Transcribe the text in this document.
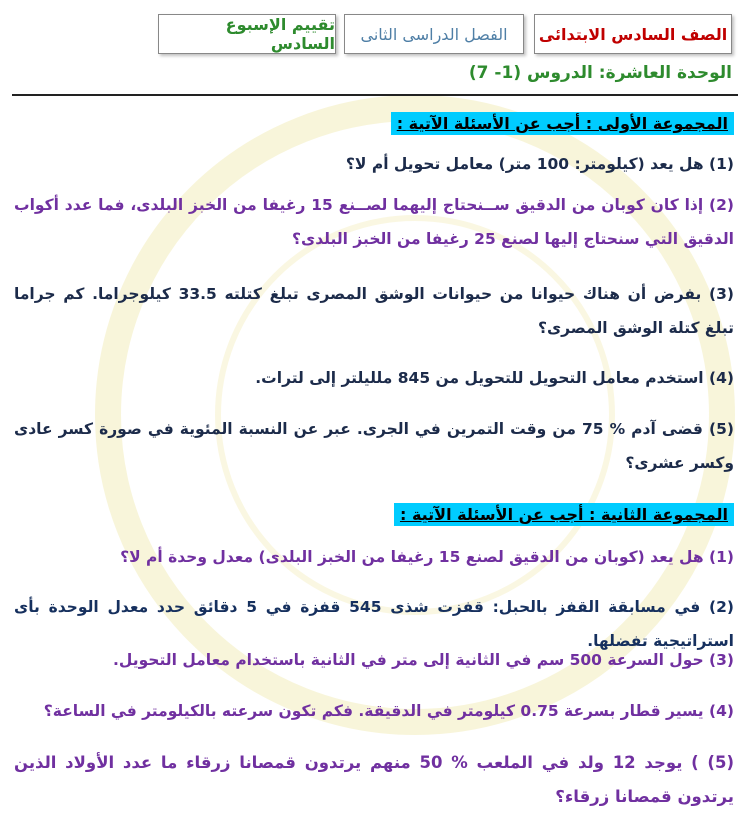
الصف السادس الابتدائى
الفصل الدراسى الثانى
تقييم الإسبوع السادس
الوحدة العاشرة: الدروس (1- 7)
المجموعة الأولى : أجب عن الأسئلة الآتية :
(1) هل يعد (كيلومتر: 100 متر) معامل تحويل أم لا؟
(2) إذا كان كوبان من الدقيق ســنحتاج إليهما لصــنع 15 رغيفا من الخبز البلدى، فما عدد أكواب الدقيق التي سنحتاج إليها لصنع 25 رغيفا من الخبز البلدى؟
(3) بفرض أن هناك حيوانا من حيوانات الوشق المصرى تبلغ كتلته 33.5 كيلوجراما. كم جراما تبلغ كتلة الوشق المصرى؟
(4) استخدم معامل التحويل للتحويل من 845 ملليلتر إلى لترات.
(5) قضى آدم % 75 من وقت التمرين في الجرى. عبر عن النسبة المئوية في صورة كسر عادى وكسر عشرى؟
المجموعة الثانية : أجب عن الأسئلة الآتية :
(1) هل يعد (كوبان من الدقيق لصنع 15 رغيفا من الخبز البلدى) معدل وحدة أم لا؟
(2) في مسابقة القفز بالحبل: قفزت شذى 545 قفزة في 5 دقائق حدد معدل الوحدة بأى استراتيجية تفضلها.
(3) حول السرعة 500 سم في الثانية إلى متر في الثانية باستخدام معامل التحويل.
(4) يسير قطار بسرعة 0.75 كيلومتر في الدقيقة. فكم تكون سرعته بالكيلومتر في الساعة؟
(5) ) يوجد 12 ولد في الملعب % 50 منهم يرتدون قمصانا زرقاء ما عدد الأولاد الذين يرتدون قمصانا زرقاء؟
